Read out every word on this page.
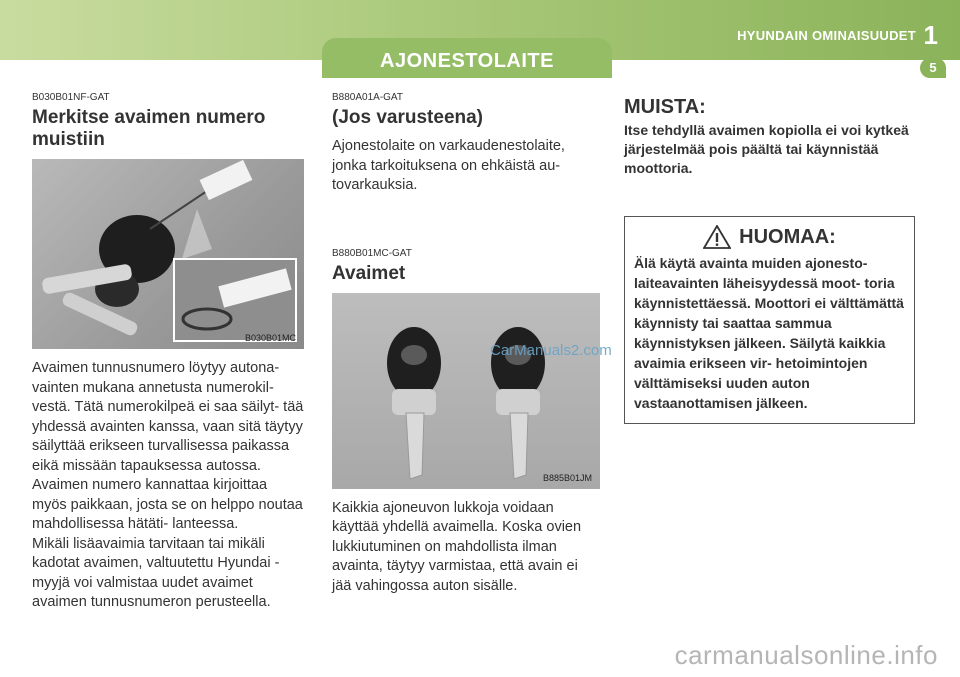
AJONESTOLAITE
HYUNDAIN OMINAISUUDET 1
5
B030B01NF-GAT
Merkitse avaimen numero muistiin
B030B01MC
Avaimen tunnusnumero löytyy autona- vainten mukana annetusta numerokil- vestä. Tätä numerokilpeä ei saa säilyt- tää yhdessä avainten kanssa, vaan sitä täytyy säilyttää erikseen turvallisessa paikassa eikä missään tapauksessa autossa. Avaimen numero kannattaa kirjoittaa myös paikkaan, josta se on helppo noutaa mahdollisessa hätäti- lanteessa.
Mikäli lisäavaimia tarvitaan tai mikäli kadotat avaimen, valtuutettu Hyundai -myyjä voi valmistaa uudet avaimet avaimen tunnusnumeron perusteella.
B880A01A-GAT
(Jos varusteena)
Ajonestolaite on varkaudenestolaite, jonka tarkoituksena on ehkäistä au- tovarkauksia.
B880B01MC-GAT
Avaimet
B885B01JM
Kaikkia ajoneuvon lukkoja voidaan käyttää yhdellä avaimella. Koska ovien lukkiutuminen on mahdollista ilman avainta, täytyy varmistaa, että avain ei jää vahingossa auton sisälle.
MUISTA:
Itse tehdyllä avaimen kopiolla ei voi kytkeä järjestelmää pois päältä tai käynnistää moottoria.
HUOMAA:
Älä käytä avainta muiden ajonesto- laiteavainten läheisyydessä moot- toria käynnistettäessä. Moottori ei välttämättä käynnisty tai saattaa sammua käynnistyksen jälkeen. Säilytä kaikkia avaimia erikseen vir- hetoimintojen välttämiseksi uuden auton vastaanottamisen jälkeen.
CarManuals2.com
carmanualsonline.info
